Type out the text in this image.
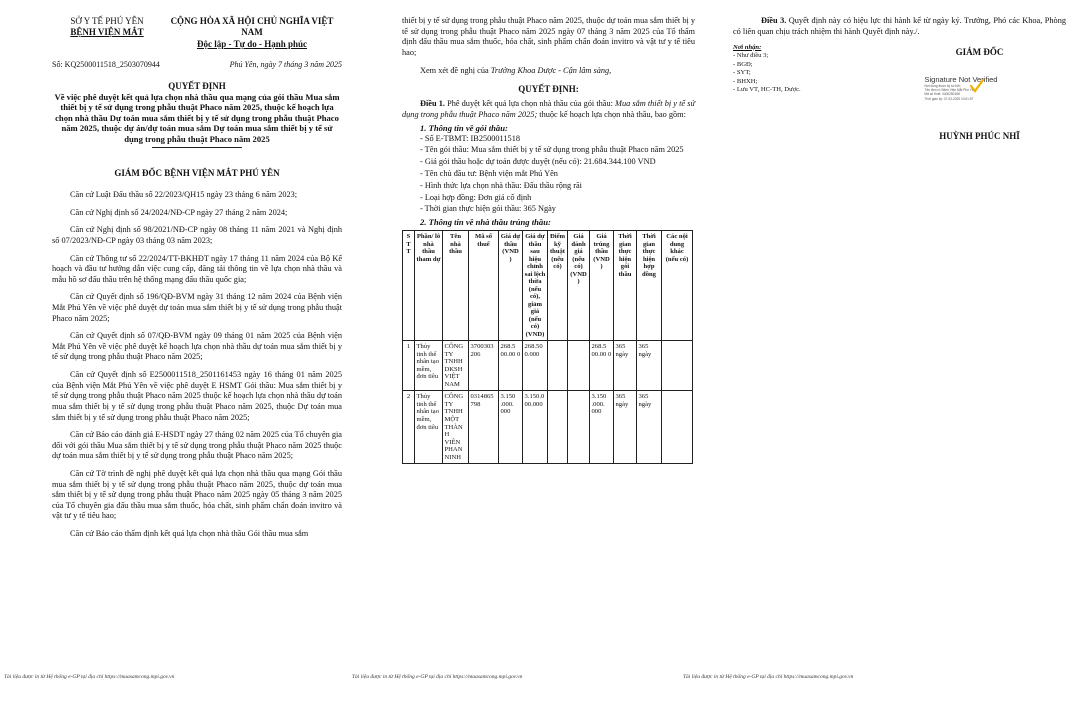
SỞ Y TẾ PHÚ YÊN
BỆNH VIỆN MẮT
CỘNG HÒA XÃ HỘI CHỦ NGHĨA VIỆT NAM
Độc lập - Tự do - Hạnh phúc
Số: KQ2500011518_2503070944	Phú Yên, ngày 7 tháng 3 năm 2025
QUYẾT ĐỊNH
Về việc phê duyệt kết quả lựa chọn nhà thầu qua mạng của gói thầu Mua sắm thiết bị y tế sử dụng trong phẫu thuật Phaco năm 2025, thuộc kế hoạch lựa chọn nhà thầu Dự toán mua sắm thiết bị y tế sử dụng trong phẫu thuật Phaco năm 2025, thuộc dự án/dự toán mua sắm Dự toán mua sắm thiết bị y tế sử dụng trong phẫu thuật Phaco năm 2025
GIÁM ĐỐC BỆNH VIỆN MẮT PHÚ YÊN

Căn cứ Luật Đấu thầu số 22/2023/QH15 ngày 23 tháng 6 năm 2023;

Căn cứ Nghị định số 24/2024/NĐ-CP ngày 27 tháng 2 năm 2024;

Căn cứ Nghị định số 98/2021/NĐ-CP ngày 08 tháng 11 năm 2021 và Nghị định số 07/2023/NĐ-CP ngày 03 tháng 03 năm 2023;

Căn cứ Thông tư số 22/2024/TT-BKHĐT ngày 17 tháng 11 năm 2024 của Bộ Kế hoạch và đầu tư hướng dẫn việc cung cấp, đăng tải thông tin về lựa chọn nhà thầu và mẫu hồ sơ đấu thầu trên hệ thống mạng đấu thầu quốc gia;

Căn cứ Quyết định số 196/QĐ-BVM ngày 31 tháng 12 năm 2024 của Bệnh viện Mắt Phú Yên về việc phê duyệt dự toán mua sắm thiết bị y tế sử dụng trong phẫu thuật Phaco năm 2025;

Căn cứ Quyết định số 07/QĐ-BVM ngày 09 tháng 01 năm 2025 của Bệnh viện Mắt Phú Yên về việc phê duyệt kế hoạch lựa chọn nhà thầu dự toán mua sắm thiết bị y tế sử dụng trong phẫu thuật Phaco năm 2025;

Căn cứ Quyết định số E2500011518_2501161453 ngày 16 tháng 01 năm 2025 của Bệnh viện Mắt Phú Yên về việc phê duyệt E HSMT Gói thầu: Mua sắm thiết bị y tế sử dụng trong phẫu thuật Phaco năm 2025 thuộc kế hoạch lựa chọn nhà thầu dự toán mua sắm thiết bị y tế sử dụng trong phẫu thuật Phaco năm 2025, thuộc Dự toán mua sắm thiết bị y tế sử dụng trong phẫu thuật Phaco năm 2025;

Căn cứ Báo cáo đánh giá E-HSDT ngày 27 tháng 02 năm 2025 của Tổ chuyên gia đối với gói thầu Mua sắm thiết bị y tế sử dụng trong phẫu thuật Phaco năm 2025 thuộc dự toán mua sắm thiết bị y tế sử dụng trong phẫu thuật Phaco năm 2025;

Căn cứ Tờ trình đề nghị phê duyệt kết quả lựa chọn nhà thầu qua mạng Gói thầu mua sắm thiết bị y tế sử dụng trong phẫu thuật Phaco năm 2025, thuộc dự toán mua sắm thiết bị y tế sử dụng trong phẫu thuật Phaco năm 2025 ngày 05 tháng 3 năm 2025 của Tổ chuyên gia đấu thầu mua sắm thuốc, hóa chất, sinh phẩm chẩn đoán invitro và vật tư y tế tiêu hao;

Căn cứ Báo cáo thẩm định kết quả lựa chọn nhà thầu Gói thầu mua sắm

Tài liệu được in từ Hệ thống e-GP tại địa chỉ https://muasamcong.mpi.gov.vn

thiết bị y tế sử dụng trong phẫu thuật Phaco năm 2025, thuộc dự toán mua sắm thiết bị y tế sử dụng trong phẫu thuật Phaco năm 2025 ngày 07 tháng 3 năm 2025 của Tổ thẩm định đấu thầu mua sắm thuốc, hóa chất, sinh phẩm chẩn đoán invitro và vật tư y tế tiêu hao;

Xem xét đề nghị của Trưởng Khoa Dược - Cận lâm sàng,

QUYẾT ĐỊNH:

Điều 1. Phê duyệt kết quả lựa chọn nhà thầu của gói thầu: Mua sắm thiết bị y tế sử dụng trong phẫu thuật Phaco năm 2025; thuộc kế hoạch lựa chọn nhà thầu, bao gồm:

1. Thông tin về gói thầu:

- Số E-TBMT: IB2500011518

- Tên gói thầu: Mua sắm thiết bị y tế sử dụng trong phẫu thuật Phaco năm 2025

- Giá gói thầu hoặc dự toán được duyệt (nếu có): 21.684.344.100 VND

- Tên chủ đầu tư: Bệnh viện mắt Phú Yên

- Hình thức lựa chọn nhà thầu: Đấu thầu rộng rãi

- Loại hợp đồng: Đơn giá cố định

- Thời gian thực hiện gói thầu: 365 Ngày

2. Thông tin về nhà thầu trúng thầu:

S T T	Phần/ lô nhà thầu tham dự	Tên nhà thầu	Mã số thuế	Giá dự thầu (VND )	Giá dự thầu sau hiệu chỉnh sai lệch thừa (nếu có), giảm giá (nếu có) (VND)	Điểm kỹ thuật (nếu có)	Giá đánh giá (nếu có) (VND )	Giá trúng thầu (VND )	Thời gian thực hiện gói thầu	Thời gian thực hiện hợp đồng	Các nội dung khác (nếu có)
1	Thủy tinh thể nhân tạo mềm, đơn tiêu	CÔNG TY TNHH DKSH VIỆT NAM	3700303206	268.5 00.00 0	268.50 0.000			268.5 00.00 0	365 ngày	365 ngày	
2	Thủy tinh thể nhân tạo mềm, đơn tiêu	CÔNG TY TNHH MỘT THÀN H VIÊN PHAN NINH	0314865798	3.150 .000. 000	3.150.0 00.000			3.150 .000. 000	365 ngày	365 ngày	
Tài liệu được in từ Hệ thống e-GP tại địa chỉ https://muasamcong.mpi.gov.vn

Điều 3. Quyết định này có hiệu lực thi hành kể từ ngày ký. Trưởng, Phó các Khoa, Phòng có liên quan chịu trách nhiệm thi hành Quyết định này./.

Nơi nhận:
- Như điều 3;
- BGĐ;
- SYT;
- BHXH;
- Lưu VT, HC-TH, Dược.
GIÁM ĐỐC
Signature Not Verified
Nơi dung được ký số bởi:
Tên đơn vị: Bệnh Viện Mắt Phú Yên
Mã số thuế: 4400250168
Thời gian ký: 07-03-2025 10:01:57
HUỲNH PHÚC NHĨ
Tài liệu được in từ Hệ thống e-GP tại địa chỉ https://muasamcong.mpi.gov.vn
